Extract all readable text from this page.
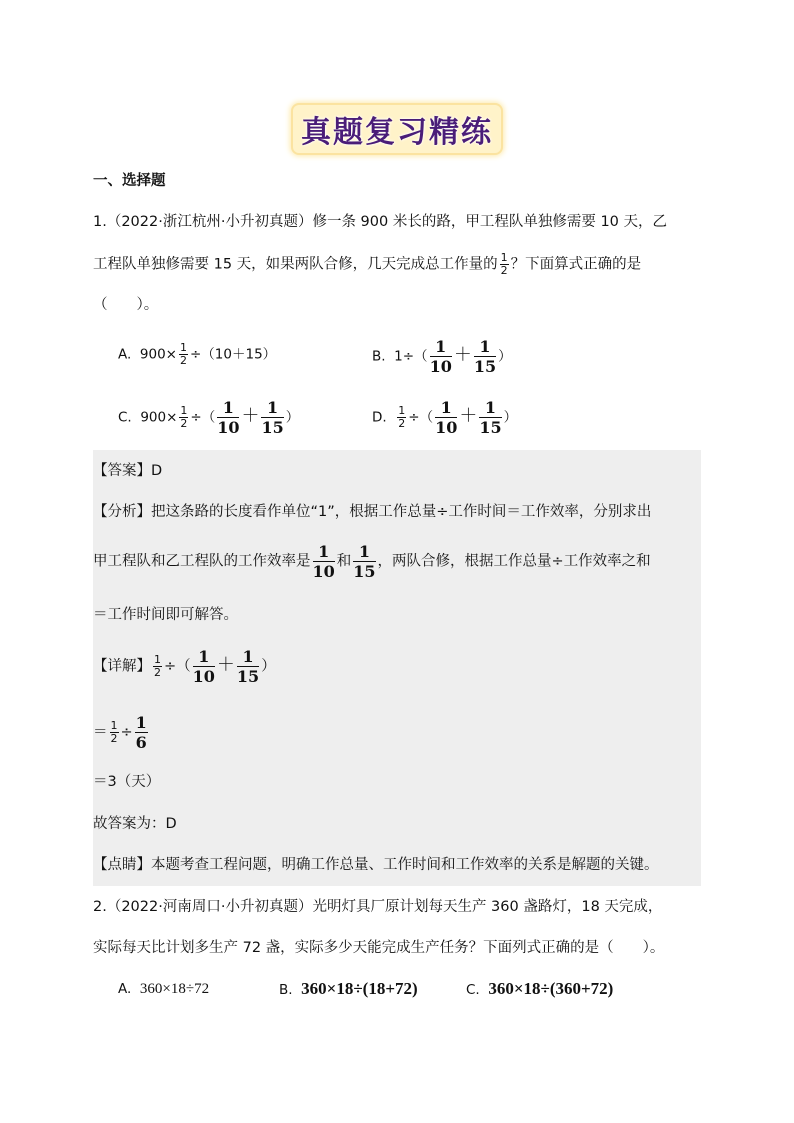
真题复习精练
一、选择题
1.（2022·浙江杭州·小升初真题）修一条 900 米长的路，甲工程队单独修需要 10 天，乙
工程队单独修需要 15 天，如果两队合修，几天完成总工作量的 $\frac{1}{2}$ ？下面算式正确的是
（　　）。
A. $900\times \frac{1}{2} \div(10+15)$	B. $1\div( \frac{1}{10} + \frac{1}{15}$ ）
C. $900\times \frac{1}{2}$ ÷（ $\frac{1}{10} + \frac{1}{15}$ ）	D. $\frac{1}{2}$ ÷（ $\frac{1}{10} + \frac{1}{15}$ ）
【答案】D
【分析】把这条路的长度看作单位“1”，根据工作总量÷工作时间＝工作效率，分别求出
甲工程队和乙工程队的工作效率是 $\frac{1}{10}$ 和 $\frac{1}{15}$ ，两队合修，根据工作总量÷工作效率之和
＝工作时间即可解答。
【详解】 $\frac{1}{2}$ ÷（ $\frac{1}{10} + \frac{1}{15}$ ）
＝ $\frac{1}{2} \div \frac{1}{6}$
＝3（天）
故答案为：D
【点睛】本题考查工程问题，明确工作总量、工作时间和工作效率的关系是解题的关键。
2.（2022·河南周口·小升初真题）光明灯具厂原计划每天生产 360 盏路灯，18 天完成，
实际每天比计划多生产 72 盏，实际多少天能完成生产任务？下面列式正确的是（　　）。
A. 360×18÷72	B. 360×18÷(18+72)	C. 360×18÷(360+72)
